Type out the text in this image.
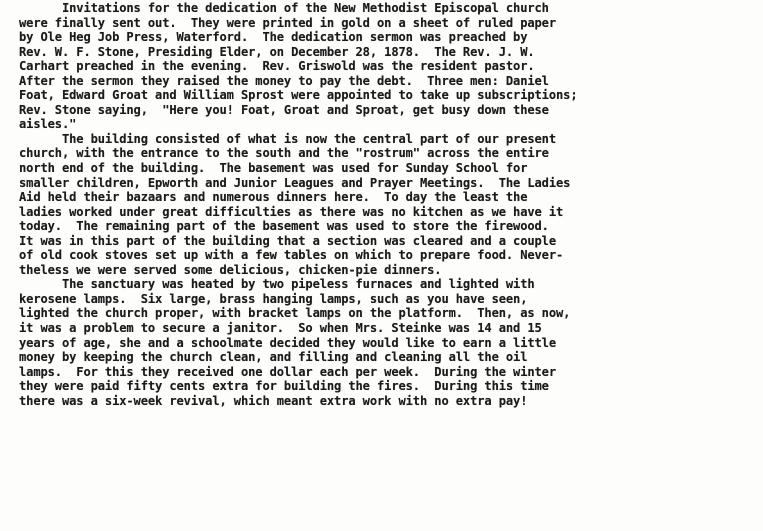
Invitations for the dedication of the New Methodist Episcopal church
were finally sent out.  They were printed in gold on a sheet of ruled paper
by Ole Heg Job Press, Waterford.  The dedication sermon was preached by
Rev. W. F. Stone, Presiding Elder, on December 28, 1878.  The Rev. J. W.
Carhart preached in the evening.  Rev. Griswold was the resident pastor.
After the sermon they raised the money to pay the debt.  Three men: Daniel
Foat, Edward Groat and William Sprost were appointed to take up subscriptions;
Rev. Stone saying,  "Here you! Foat, Groat and Sproat, get busy down these
aisles."
The building consisted of what is now the central part of our present
church, with the entrance to the south and the "rostrum" across the entire
north end of the building.  The basement was used for Sunday School for
smaller children, Epworth and Junior Leagues and Prayer Meetings.  The Ladies
Aid held their bazaars and numerous dinners here.  To day the least the
ladies worked under great difficulties as there was no kitchen as we have it
today.  The remaining part of the basement was used to store the firewood.
It was in this part of the building that a section was cleared and a couple
of old cook stoves set up with a few tables on which to prepare food. Never-
theless we were served some delicious, chicken-pie dinners.
The sanctuary was heated by two pipeless furnaces and lighted with
kerosene lamps.  Six large, brass hanging lamps, such as you have seen,
lighted the church proper, with bracket lamps on the platform.  Then, as now,
it was a problem to secure a janitor.  So when Mrs. Steinke was 14 and 15
years of age, she and a schoolmate decided they would like to earn a little
money by keeping the church clean, and filling and cleaning all the oil
lamps.  For this they received one dollar each per week.  During the winter
they were paid fifty cents extra for building the fires.  During this time
there was a six-week revival, which meant extra work with no extra pay!
